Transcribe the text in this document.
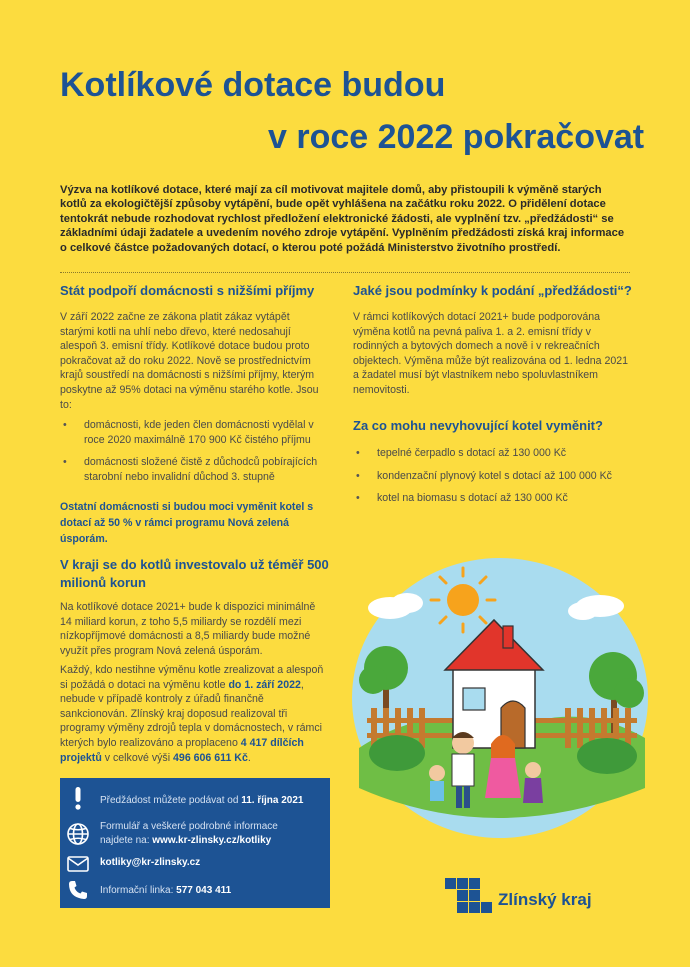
Kotlíkové dotace budou
v roce 2022 pokračovat

Výzva na kotlíkové dotace, které mají za cíl motivovat majitele domů, aby přistoupili k výměně starých kotlů za ekologičtější způsoby vytápění, bude opět vyhlášena na začátku roku 2022. O přidělení dotace tentokrát nebude rozhodovat rychlost předložení elektronické žádosti, ale vyplnění tzv. „předžádosti“ se základními údaji žadatele a uvedením nového zdroje vytápění. Vyplněním předžádosti získá kraj informace o celkové částce požadovaných dotací, o kterou poté požádá Ministerstvo životního prostředí.

Stát podpoří domácnosti s nižšími příjmy

V září 2022 začne ze zákona platit zákaz vytápět starými kotli na uhlí nebo dřevo, které nedosahují alespoň 3. emisní třídy. Kotlíkové dotace budou proto pokračovat až do roku 2022. Nově se prostřednictvím krajů soustředí na domácnosti s nižšími příjmy, kterým poskytne až 95% dotaci na výměnu starého kotle. Jsou to:

• domácnosti, kde jeden člen domácnosti vydělal v roce 2020 maximálně 170 900 Kč čistého příjmu
• domácnosti složené čistě z důchodců pobírajících starobní nebo invalidní důchod 3. stupně

Ostatní domácnosti si budou moci vyměnit kotel s dotací až 50 % v rámci programu Nová zelená úsporám.

V kraji se do kotlů investovalo už téměř 500 milionů korun

Na kotlíkové dotace 2021+ bude k dispozici minimálně 14 miliard korun, z toho 5,5 miliardy se rozdělí mezi nízkopříjmové domácnosti a 8,5 miliardy bude možné využít přes program Nová zelená úsporám.

Každý, kdo nestihne výměnu kotle zrealizovat a alespoň si požádá o dotaci na výměnu kotle do 1. září 2022, nebude v případě kontroly z úřadů finančně sankcionován. Zlínský kraj doposud realizoval tři programy výměny zdrojů tepla v domácnostech, v rámci kterých bylo realizováno a proplaceno 4 417 dílčích projektů v celkové výši 496 606 611 Kč.

Jaké jsou podmínky k podání „předžádosti“?

V rámci kotlíkových dotací 2021+ bude podporována výměna kotlů na pevná paliva 1. a 2. emisní třídy v rodinných a bytových domech a nově i v rekreačních objektech. Výměna může být realizována od 1. ledna 2021 a žadatel musí být vlastníkem nebo spoluvlastníkem nemovitosti.

Za co mohu nevyhovující kotel vyměnit?
• tepelné čerpadlo s dotací až 130 000 Kč
• kondenzační plynový kotel s dotací až 100 000 Kč
• kotel na biomasu s dotací až 130 000 Kč
Předžádost můžete podávat od 11. října 2021
Formulář a veškeré podrobné informace
najdete na: www.kr-zlinsky.cz/kotliky
kotliky@kr-zlinsky.cz
Informační linka: 577 043 411	Zlínský kraj
